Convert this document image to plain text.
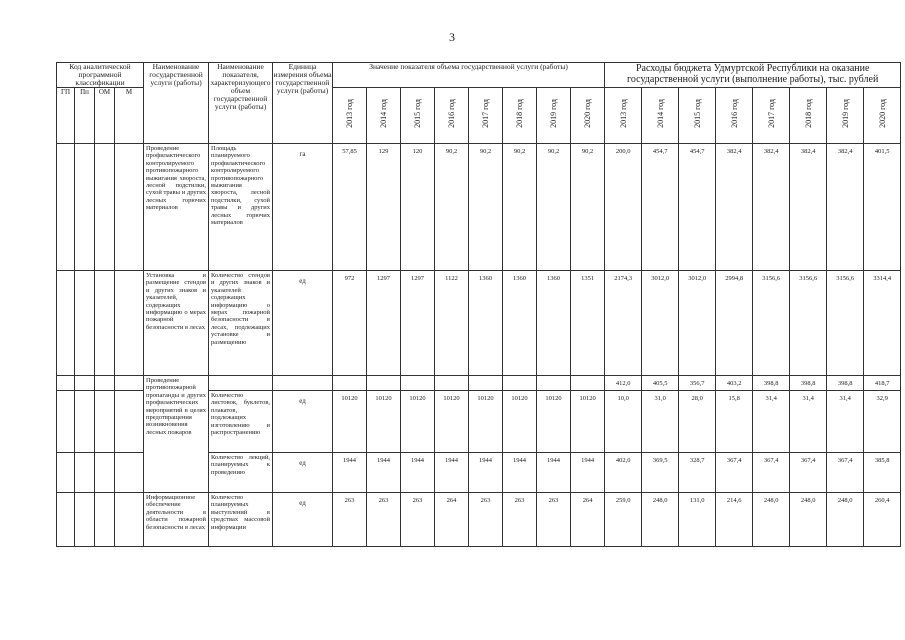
3
Код аналитической программной классификации				Наименование государственной услуги (работы)	Наименование показателя, характеризующего объем государственной услуги (работы)	Единица измерения объема государственной услуги (работы)	Значение показателя объема государственной услуги (работы)								Расходы бюджета Удмуртской Республики на оказание государственной услуги (выполнение работы), тыс. рублей							
ГП	Пп	ОМ	М				2013 год	2014 год	2015 год	2016 год	2017 год	2018 год	2019 год	2020 год	2013 год	2014 год	2015 год	2016 год	2017 год	2018 год	2019 год	2020 год
				Проведение профилактического контролируемого противопожарного выжигания хвороста, лесной подстилки, сухой травы и других лесных горючих материалов	Площадь планируемого профилактического контролируемого противопожарного выжигания хвороста, лесной подстилки, сухой травы и других лесных горючих материалов	га	57,85	129	120	90,2	90,2	90,2	90,2	90,2	200,0	454,7	454,7	382,4	382,4	382,4	382,4	401,5
				Установка и размещение стендов и других знаков и указателей, содержащих информацию о мерах пожарной безопасности в лесах	Количество стендов и других знаков и указателей содержащих информацию о мерах пожарной безопасности в лесах, подлежащих установке и размещению	ед	972	1297	1297	1122	1360	1360	1360	1351	2174,3	3012,0	3012,0	2994,8	3156,6	3156,6	3156,6	3314,4
				Проведение противопожарной пропаганды и других профилактических мероприятий в целях предотвращения возникновения лесных пожаров											412,0	405,5	356,7	403,2	398,8	398,8	398,8	418,7
					Количество листовок, буклетов, плакатов, подлежащих изготовлению и распространению	ед	10120	10120	10120	10120	10120	10120	10120	10120	10,0	31,0	28,0	15,8	31,4	31,4	31,4	32,9
					Количество лекций, планируемых к проведению	ед	1944	1944	1944	1944	1944	1944	1944	1944	402,0	369,5	328,7	367,4	367,4	367,4	367,4	385,8
				Информационное обеспечение деятельности в области пожарной безопасности в лесах	Количество планируемых выступлений в средствах массовой информации	ед	263	263	263	264	263	263	263	264	259,0	248,0	131,0	214,6	248,0	248,0	248,0	260,4
